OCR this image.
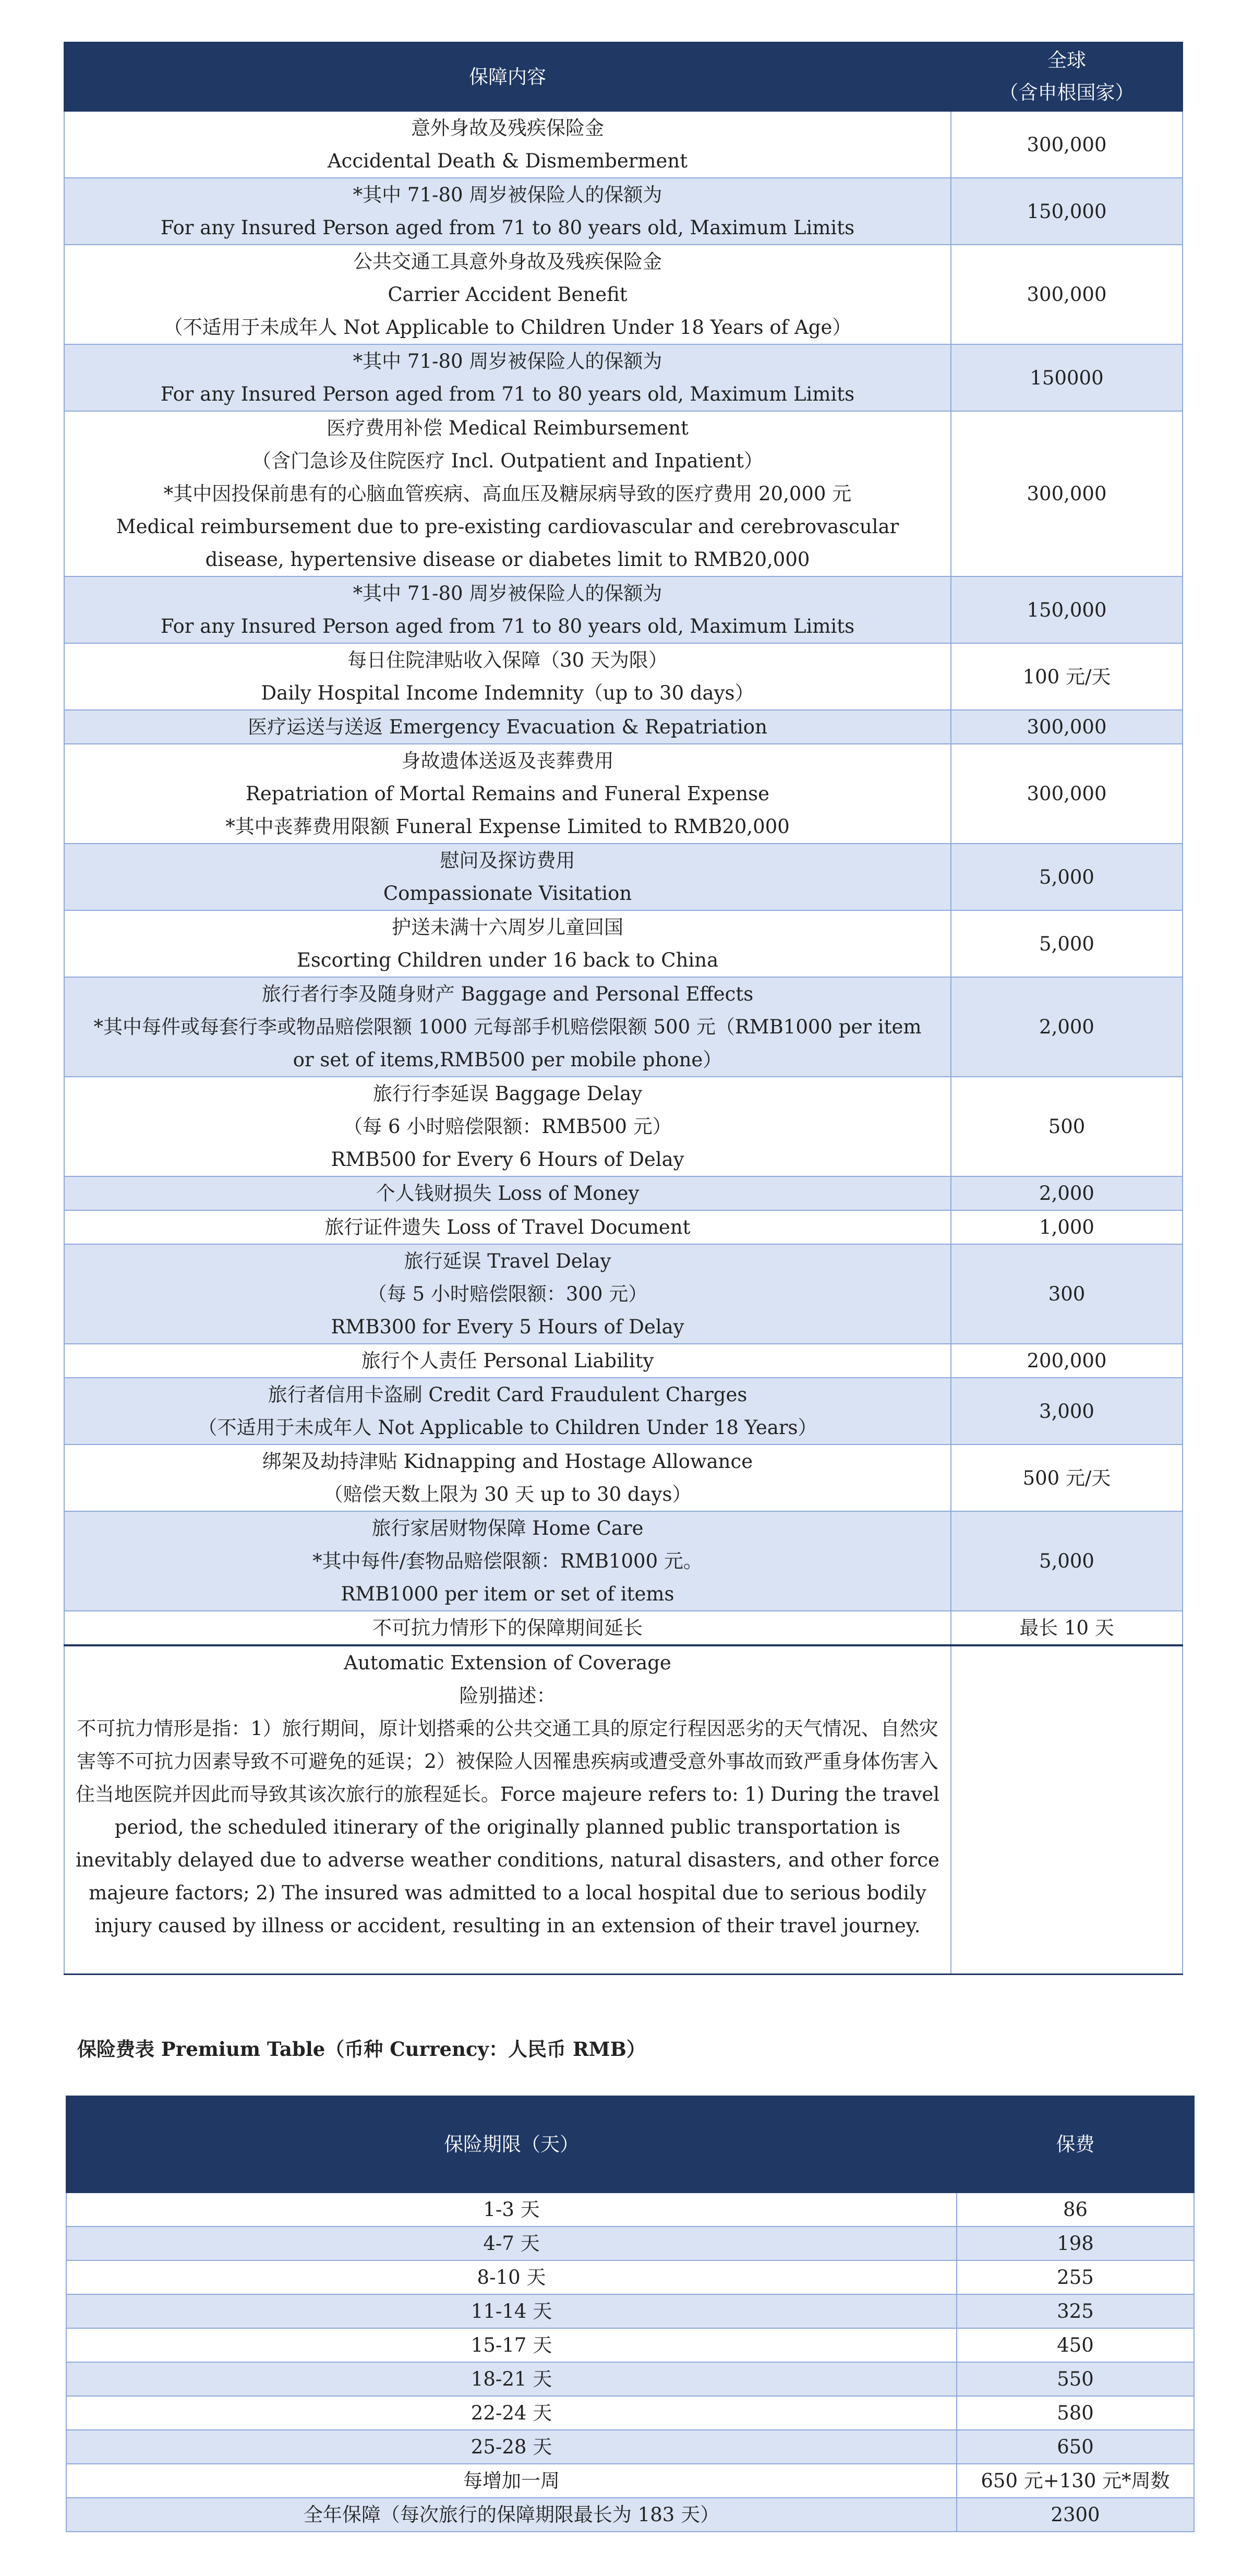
保障内容	全球
（含申根国家）

意外身故及残疾保险金
Accidental Death & Dismemberment	300,000

*其中 71-80 周岁被保险人的保额为
For any Insured Person aged from 71 to 80 years old, Maximum Limits	150,000

公共交通工具意外身故及残疾保险金
Carrier Accident Benefit
（不适用于未成年人 Not Applicable to Children Under 18 Years of Age）	300,000

*其中 71-80 周岁被保险人的保额为
For any Insured Person aged from 71 to 80 years old, Maximum Limits	150000

医疗费用补偿 Medical Reimbursement
（含门急诊及住院医疗 Incl. Outpatient and Inpatient）
*其中因投保前患有的心脑血管疾病、高血压及糖尿病导致的医疗费用 20,000 元
Medical reimbursement due to pre-existing cardiovascular and cerebrovascular
disease, hypertensive disease or diabetes limit to RMB20,000	300,000

*其中 71-80 周岁被保险人的保额为
For any Insured Person aged from 71 to 80 years old, Maximum Limits	150,000

每日住院津贴收入保障（30 天为限）
Daily Hospital Income Indemnity（up to 30 days）	100 元/天

医疗运送与送返 Emergency Evacuation & Repatriation	300,000

身故遗体送返及丧葬费用
Repatriation of Mortal Remains and Funeral Expense
*其中丧葬费用限额 Funeral Expense Limited to RMB20,000	300,000

慰问及探访费用
Compassionate Visitation	5,000

护送未满十六周岁儿童回国
Escorting Children under 16 back to China	5,000

旅行者行李及随身财产 Baggage and Personal Effects
*其中每件或每套行李或物品赔偿限额 1000 元每部手机赔偿限额 500 元（RMB1000 per item
or set of items,RMB500 per mobile phone）	2,000

旅行行李延误 Baggage Delay
（每 6 小时赔偿限额：RMB500 元）
RMB500 for Every 6 Hours of Delay	500

个人钱财损失 Loss of Money	2,000

旅行证件遗失 Loss of Travel Document	1,000

旅行延误 Travel Delay
（每 5 小时赔偿限额：300 元）
RMB300 for Every 5 Hours of Delay	300

旅行个人责任 Personal Liability	200,000

旅行者信用卡盗刷 Credit Card Fraudulent Charges
（不适用于未成年人 Not Applicable to Children Under 18 Years）	3,000

绑架及劫持津贴 Kidnapping and Hostage Allowance
（赔偿天数上限为 30 天 up to 30 days）	500 元/天

旅行家居财物保障 Home Care
*其中每件/套物品赔偿限额：RMB1000 元。
RMB1000 per item or set of items	5,000

不可抗力情形下的保障期间延长	最长 10 天

Automatic Extension of Coverage
险别描述：
不可抗力情形是指：1）旅行期间，原计划搭乘的公共交通工具的原定行程因恶劣的天气情况、自然灾害等不可抗力因素导致不可避免的延误；2）被保险人因罹患疾病或遭受意外事故而致严重身体伤害入住当地医院并因此而导致其该次旅行的旅程延长。Force majeure refers to: 1) During the travel period, the scheduled itinerary of the originally planned public transportation is inevitably delayed due to adverse weather conditions, natural disasters, and other force majeure factors; 2) The insured was admitted to a local hospital due to serious bodily injury caused by illness or accident, resulting in an extension of their travel journey.	

保险费表 Premium Table（币种 Currency：人民币 RMB）
保险期限（天）	保费
1-3 天	86
4-7 天	198
8-10 天	255
11-14 天	325
15-17 天	450
18-21 天	550
22-24 天	580
25-28 天	650
每增加一周	650 元+130 元*周数
全年保障（每次旅行的保障期限最长为 183 天）	2300
